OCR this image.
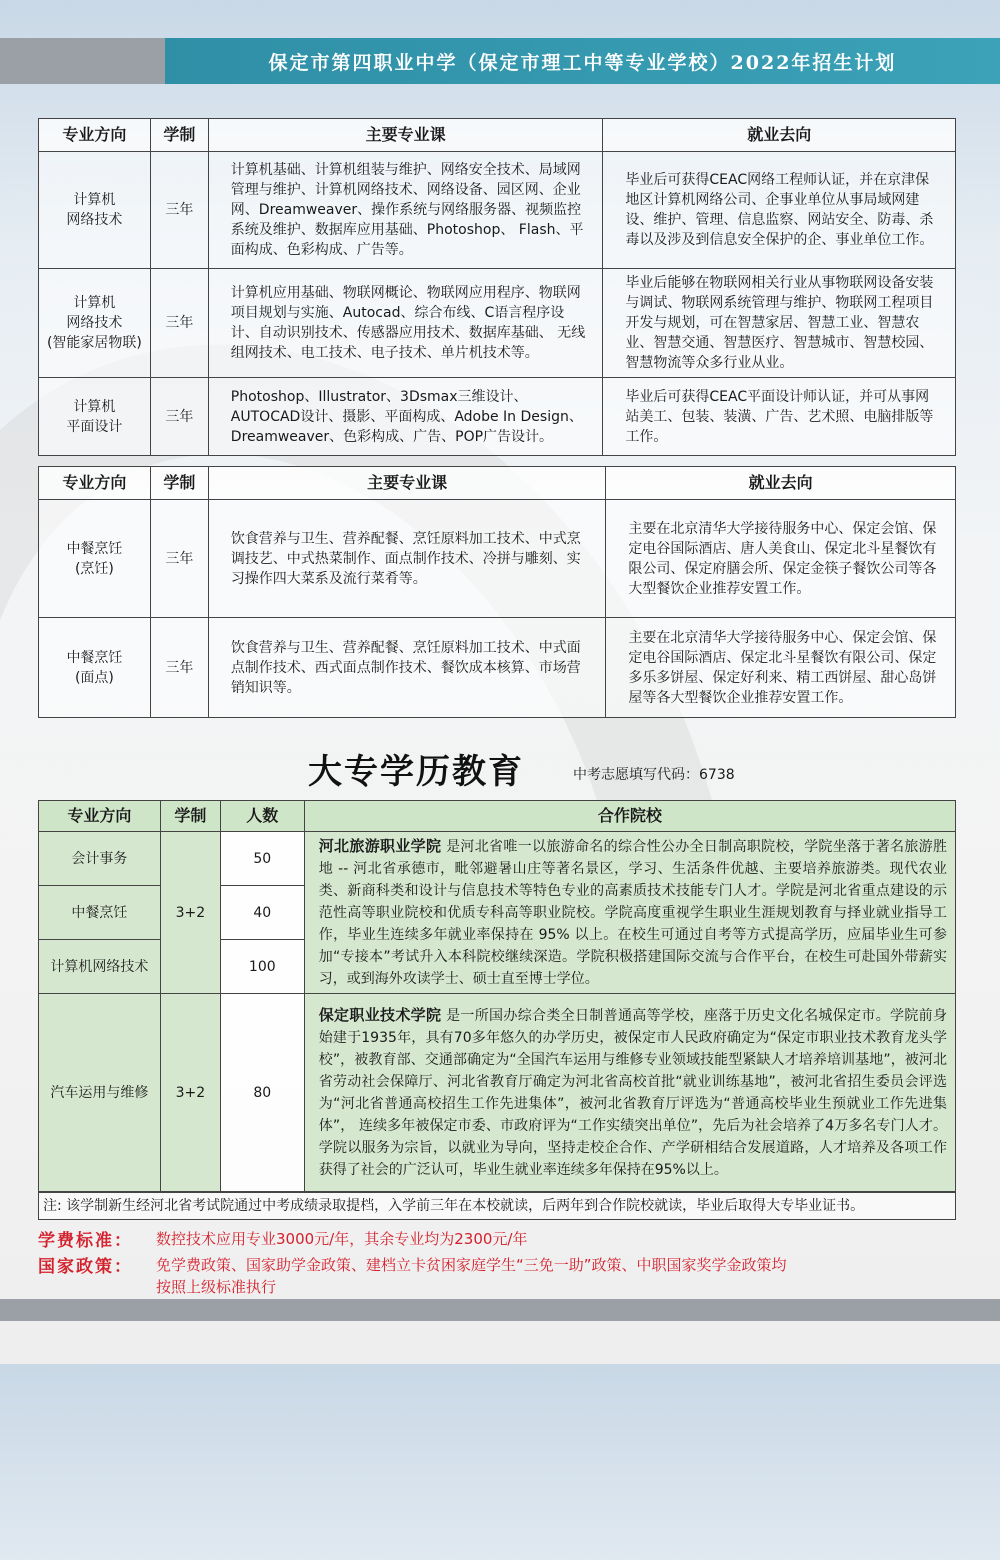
保定市第四职业中学（保定市理工中等专业学校）2022年招生计划
专业方向	学制	主要专业课	就业去向
计算机
网络技术	三年	计算机基础、计算机组装与维护、网络安全技术、局域网管理与维护、计算机网络技术、网络设备、园区网、企业网、Dreamweaver、操作系统与网络服务器、视频监控系统及维护、数据库应用基础、Photoshop、 Flash、平面构成、色彩构成、广告等。	毕业后可获得CEAC网络工程师认证，并在京津保地区计算机网络公司、企事业单位从事局域网建设、维护、管理、信息监察、网站安全、防毒、杀毒以及涉及到信息安全保护的企、事业单位工作。
计算机
网络技术
(智能家居物联)	三年	计算机应用基础、物联网概论、物联网应用程序、物联网项目规划与实施、Autocad、综合布线、C语言程序设计、自动识别技术、传感器应用技术、数据库基础、 无线组网技术、电工技术、电子技术、单片机技术等。	毕业后能够在物联网相关行业从事物联网设备安装与调试、物联网系统管理与维护、物联网工程项目开发与规划，可在智慧家居、智慧工业、智慧农业、智慧交通、智慧医疗、智慧城市、智慧校园、智慧物流等众多行业从业。
计算机
平面设计	三年	Photoshop、Illustrator、3Dsmax三维设计、AUTOCAD设计、摄影、平面构成、Adobe In Design、Dreamweaver、色彩构成、广告、POP广告设计。	毕业后可获得CEAC平面设计师认证，并可从事网站美工、包装、装潢、广告、艺术照、电脑排版等工作。
专业方向	学制	主要专业课	就业去向
中餐烹饪
(烹饪)	三年	饮食营养与卫生、营养配餐、烹饪原料加工技术、中式烹调技艺、中式热菜制作、面点制作技术、冷拼与雕刻、实习操作四大菜系及流行菜肴等。	主要在北京清华大学接待服务中心、保定会馆、保定电谷国际酒店、唐人美食山、保定北斗星餐饮有限公司、保定府膳会所、保定金筷子餐饮公司等各大型餐饮企业推荐安置工作。
中餐烹饪
(面点)	三年	饮食营养与卫生、营养配餐、烹饪原料加工技术、中式面点制作技术、西式面点制作技术、餐饮成本核算、市场营销知识等。	主要在北京清华大学接待服务中心、保定会馆、保定电谷国际酒店、保定北斗星餐饮有限公司、保定多乐多饼屋、保定好利来、精工西饼屋、甜心岛饼屋等各大型餐饮企业推荐安置工作。
大专学历教育	中考志愿填写代码：6738
专业方向	学制	人数	合作院校
会计事务	3+2	50	河北旅游职业学院 是河北省唯一以旅游命名的综合性公办全日制高职院校，学院坐落于著名旅游胜地 -- 河北省承德市，毗邻避暑山庄等著名景区，学习、生活条件优越、主要培养旅游类。现代农业类、新商科类和设计与信息技术等特色专业的高素质技术技能专门人才。学院是河北省重点建设的示范性高等职业院校和优质专科高等职业院校。学院高度重视学生职业生涯规划教育与择业就业指导工作，毕业生连续多年就业率保持在 95% 以上。在校生可通过自考等方式提高学历，应届毕业生可参加“专接本”考试升入本科院校继续深造。学院积极搭建国际交流与合作平台，在校生可赴国外带薪实习，或到海外攻读学士、硕士直至博士学位。
中餐烹饪		40	
计算机网络技术		100	
汽车运用与维修	3+2	80	保定职业技术学院 是一所国办综合类全日制普通高等学校，座落于历史文化名城保定市。学院前身始建于1935年，具有70多年悠久的办学历史，被保定市人民政府确定为“保定市职业技术教育龙头学校”，被教育部、交通部确定为“全国汽车运用与维修专业领域技能型紧缺人才培养培训基地”，被河北省劳动社会保障厅、河北省教育厅确定为河北省高校首批“就业训练基地”，被河北省招生委员会评选为“河北省普通高校招生工作先进集体”，被河北省教育厅评选为“普通高校毕业生预就业工作先进集体”， 连续多年被保定市委、市政府评为“工作实绩突出单位”，先后为社会培养了4万多名专门人才。学院以服务为宗旨，以就业为导向，坚持走校企合作、产学研相结合发展道路，人才培养及各项工作获得了社会的广泛认可，毕业生就业率连续多年保持在95%以上。
注: 该学制新生经河北省考试院通过中考成绩录取提档，入学前三年在本校就读，后两年到合作院校就读，毕业后取得大专毕业证书。
学费标准： 数控技术应用专业3000元/年，其余专业均为2300元/年
国家政策： 免学费政策、国家助学金政策、建档立卡贫困家庭学生“三免一助”政策、中职国家奖学金政策均
按照上级标准执行
